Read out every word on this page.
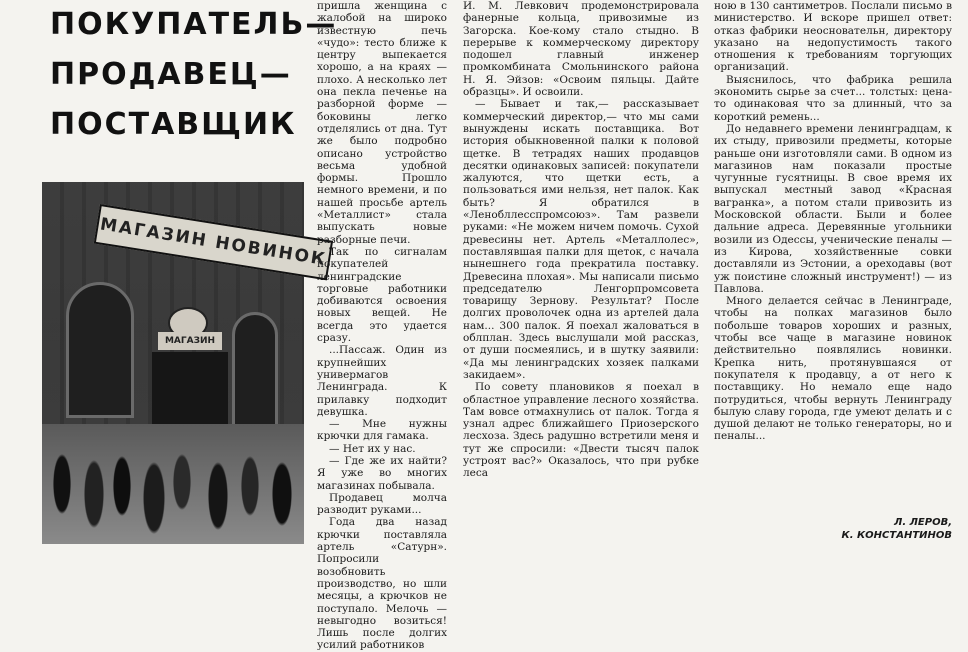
ПОКУПАТЕЛЬ—
ПРОДАВЕЦ—
ПОСТАВЩИК
МАГАЗИН НОВИНОК
МАГАЗИН

пришла женщина с жалобой на широко известную печь «чудо»: тесто ближе к центру выпекается хорошо, а на краях — плохо. А несколько лет она пекла печенье на разборной форме — боковины легко отделялись от дна. Тут же было подробно описано устройство весьма удобной формы. Прошло немного времени, и по нашей просьбе артель «Металлист» стала выпускать новые разборные печи.

Так по сигналам покупателей ленинградские торговые работники добиваются освоения новых вещей. Не всегда это удается сразу.

...Пассаж. Один из крупнейших универмагов Ленинграда. К прилавку подходит девушка.

— Мне нужны крючки для гамака.

— Нет их у нас.

— Где же их найти? Я уже во многих магазинах побывала.

Продавец молча разводит руками...

Года два назад крючки поставляла артель «Сатурн». Попросили возобновить производство, но шли месяцы, а крючков не поступало. Мелочь — невыгодно возиться! Лишь после долгих усилий работников

И. М. Левкович продемонстрировала фанерные кольца, привозимые из Загорска. Кое-кому стало стыдно. В перерыве к коммерческому директору подошел главный инженер промкомбината Смольнинского района Н. Я. Эйзов: «Освоим пяльцы. Дайте образцы». И освоили.

— Бывает и так,— рассказывает коммерческий директор,— что мы сами вынуждены искать поставщика. Вот история обыкновенной палки к половой щетке. В тетрадях наших продавцов десятки одинаковых записей: покупатели жалуются, что щетки есть, а пользоваться ими нельзя, нет палок. Как быть? Я обратился в «Ленобллесспромсоюз». Там развели руками: «Не можем ничем помочь. Сухой древесины нет. Артель «Металлолес», поставлявшая палки для щеток, с начала нынешнего года прекратила поставку. Древесина плохая». Мы написали письмо председателю Ленгорпромсовета товарищу Зернову. Результат? После долгих проволочек одна из артелей дала нам... 300 палок. Я поехал жаловаться в облплан. Здесь выслушали мой рассказ, от души посмеялись, и в шутку заявили: «Да мы ленинградских хозяек палками закидаем».

По совету плановиков я поехал в областное управление лесного хозяйства. Там вовсе отмахнулись от палок. Тогда я узнал адрес ближайшего Приозерского лесхоза. Здесь радушно встретили меня и тут же спросили: «Двести тысяч палок устроят вас?» Оказалось, что при рубке леса

ною в 130 сантиметров. Послали письмо в министерство. И вскоре пришел ответ: отказ фабрики неосновательн, директору указано на недопустимость такого отношения к требованиям торгующих организаций.

Выяснилось, что фабрика решила экономить сырье за счет... толстых: цена-то одинаковая что за длинный, что за короткий ремень...

До недавнего времени ленинградцам, к их стыду, привозили предметы, которые раньше они изготовляли сами. В одном из магазинов нам показали простые чугунные гусятницы. В свое время их выпускал местный завод «Красная вагранка», а потом стали привозить из Московской области. Были и более дальние адреса. Деревянные угольники возили из Одессы, ученические пеналы — из Кирова, хозяйственные совки доставляли из Эстонии, а ореходавы (вот уж поистине сложный инструмент!) — из Павлова.

Много делается сейчас в Ленинграде, чтобы на полках магазинов было побольше товаров хороших и разных, чтобы все чаще в магазине новинок действительно появлялись новинки. Крепка нить, протянувшаяся от покупателя к продавцу, а от него к поставщику. Но немало еще надо потрудиться, чтобы вернуть Ленинграду былую славу города, где умеют делать и с душой делают не только генераторы, но и пеналы...

Л. ЛЕРОВ,
К. КОНСТАНТИНОВ
